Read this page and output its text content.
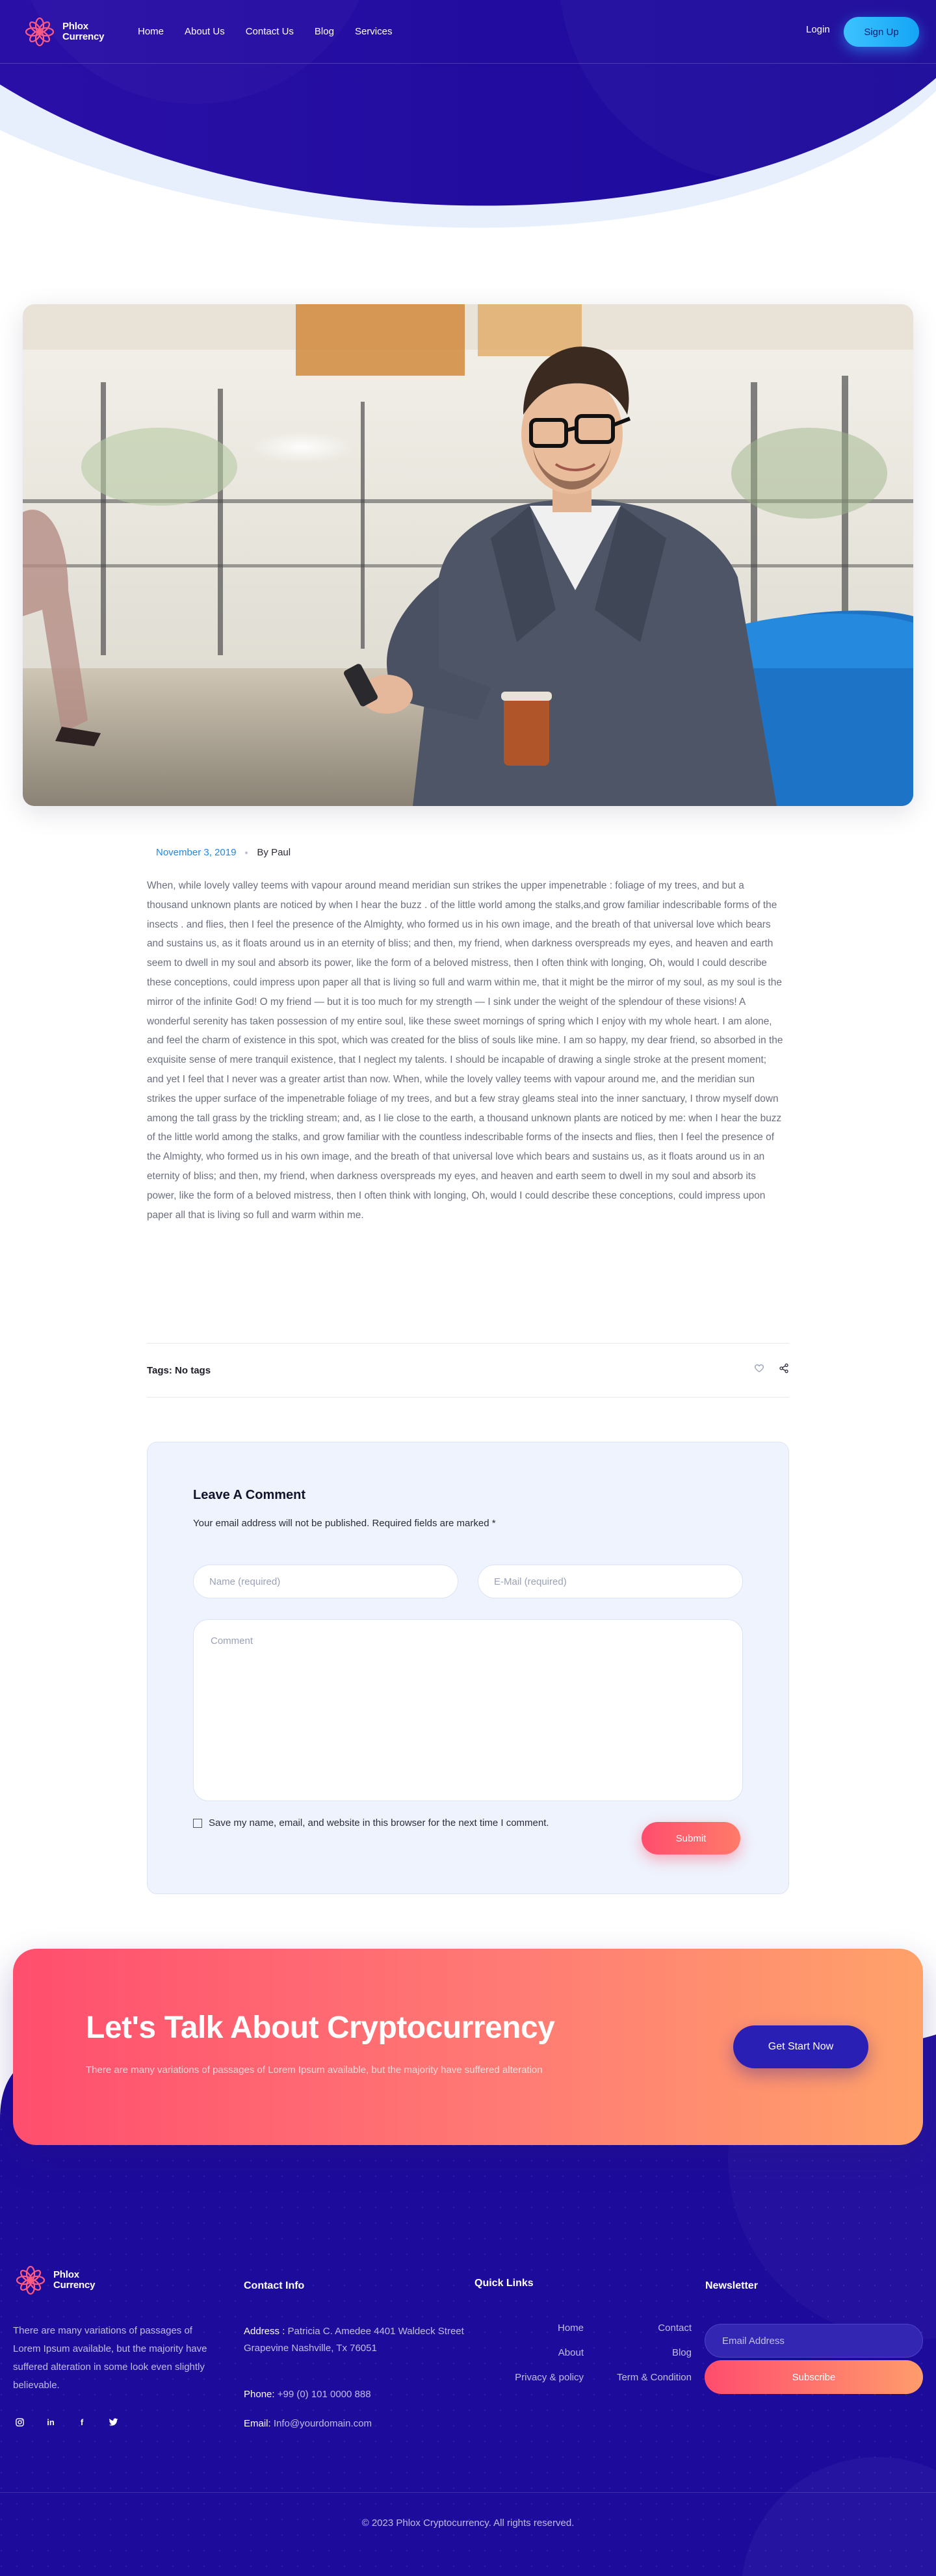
Phlox
Currency	Home About Us Contact Us Blog Services	Login	Sign Up
November 3, 2019 By Paul

When, while lovely valley teems with vapour around meand meridian sun strikes the upper impenetrable : foliage of my trees, and but a thousand unknown plants are noticed by when I hear the buzz . of the little world among the stalks,and grow familiar indescribable forms of the insects . and flies, then I feel the presence of the Almighty, who formed us in his own image, and the breath of that universal love which bears and sustains us, as it floats around us in an eternity of bliss; and then, my friend, when darkness overspreads my eyes, and heaven and earth seem to dwell in my soul and absorb its power, like the form of a beloved mistress, then I often think with longing, Oh, would I could describe these conceptions, could impress upon paper all that is living so full and warm within me, that it might be the mirror of my soul, as my soul is the mirror of the infinite God! O my friend — but it is too much for my strength — I sink under the weight of the splendour of these visions! A wonderful serenity has taken possession of my entire soul, like these sweet mornings of spring which I enjoy with my whole heart. I am alone, and feel the charm of existence in this spot, which was created for the bliss of souls like mine. I am so happy, my dear friend, so absorbed in the exquisite sense of mere tranquil existence, that I neglect my talents. I should be incapable of drawing a single stroke at the present moment; and yet I feel that I never was a greater artist than now. When, while the lovely valley teems with vapour around me, and the meridian sun strikes the upper surface of the impenetrable foliage of my trees, and but a few stray gleams steal into the inner sanctuary, I throw myself down among the tall grass by the trickling stream; and, as I lie close to the earth, a thousand unknown plants are noticed by me: when I hear the buzz of the little world among the stalks, and grow familiar with the countless indescribable forms of the insects and flies, then I feel the presence of the Almighty, who formed us in his own image, and the breath of that universal love which bears and sustains us, as it floats around us in an eternity of bliss; and then, my friend, when darkness overspreads my eyes, and heaven and earth seem to dwell in my soul and absorb its power, like the form of a beloved mistress, then I often think with longing, Oh, would I could describe these conceptions, could impress upon paper all that is living so full and warm within me.

Tags: No tags
Leave A Comment

Your email address will not be published. Required fields are marked *

Name (required)	E-Mail (required)
Comment
Save my name, email, and website in this browser for the next time I comment.
Submit
Let's Talk About Cryptocurrency

There are many variations of passages of Lorem Ipsum available, but the majority have suffered alteration

Get Start Now
Phlox
Currency

There are many variations of passages of Lorem Ipsum available, but the majority have suffered alteration in some look even slightly believable.

in	f
Contact Info
Address : Patricia C. Amedee 4401 Waldeck Street Grapevine Nashville, Tx 76051
Phone: +99 (0) 101 0000 888
Email: Info@yourdomain.com
Quick Links
Home	Contact
About	Blog
Privacy & policy	Term & Condition
Newsletter
Email Address
Subscribe
© 2023 Phlox Cryptocurrency. All rights reserved.
